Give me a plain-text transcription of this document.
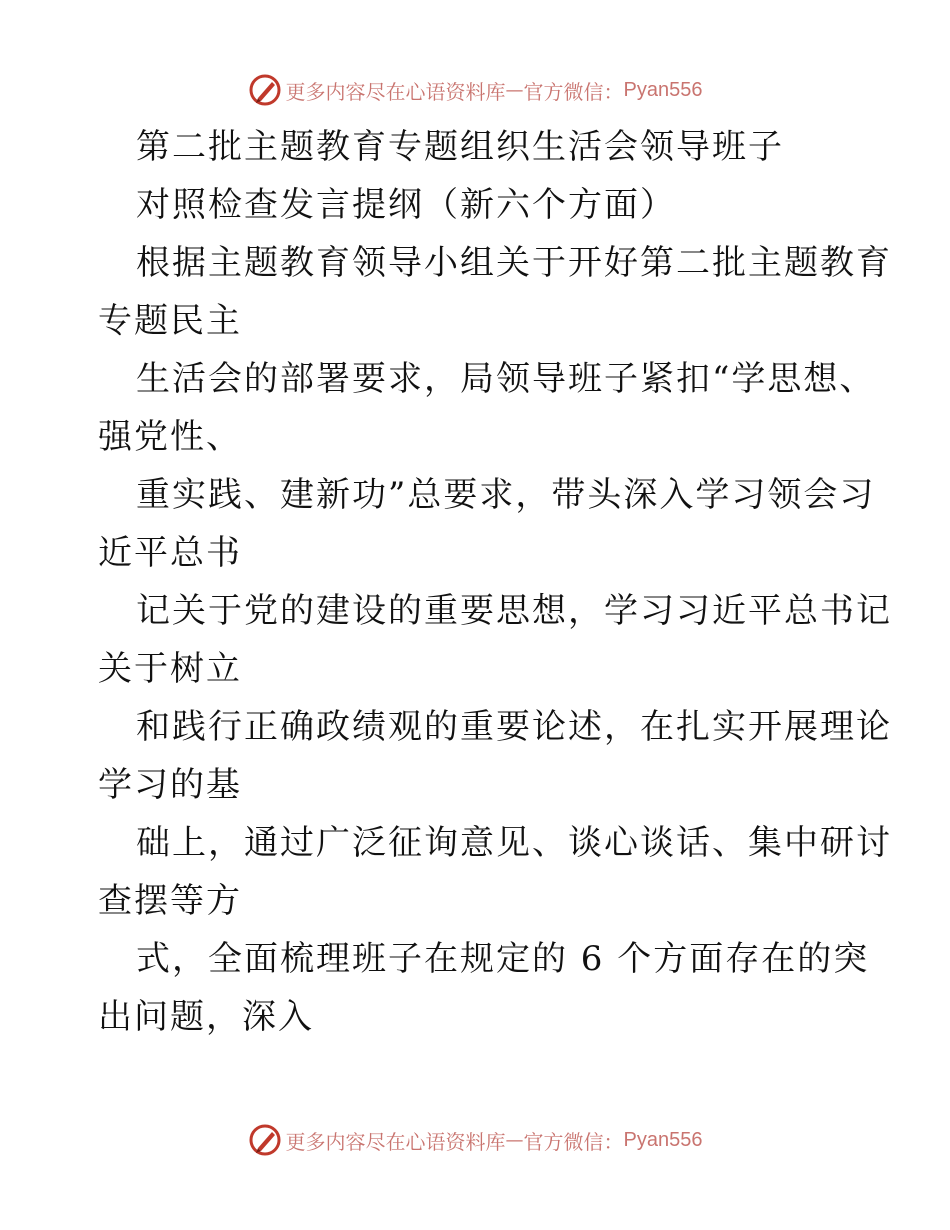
更多内容尽在心语资料库 — 官方微信： Pyan556
第二批主题教育专题组织生活会领导班子
对照检查发言提纲（新六个方面）
根据主题教育领导小组关于开好第二批主题教育
专题民主
生活会的部署要求，局领导班子紧扣“学思想、
强党性、
重实践、建新功”总要求，带头深入学习领会习
近平总书
记关于党的建设的重要思想，学习习近平总书记
关于树立
和践行正确政绩观的重要论述，在扎实开展理论
学习的基
础上，通过广泛征询意见、谈心谈话、集中研讨
查摆等方
式，全面梳理班子在规定的 6 个方面存在的突
出问题，深入
更多内容尽在心语资料库 — 官方微信： Pyan556
